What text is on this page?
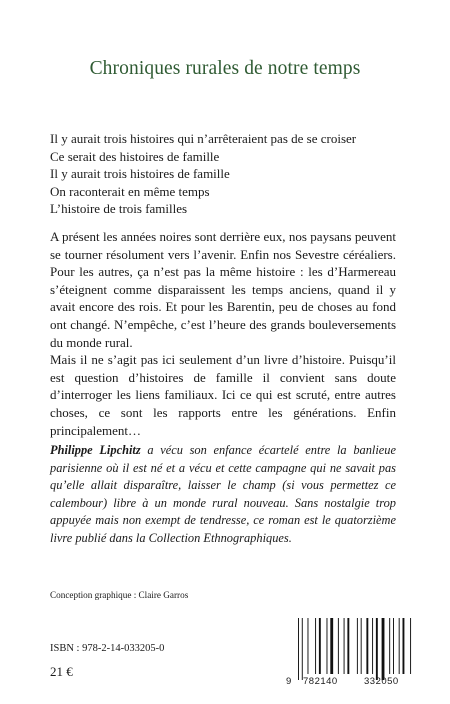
Chroniques rurales de notre temps
Il y aurait trois histoires qui n’arrêteraient pas de se croiser
Ce serait des histoires de famille
Il y aurait trois histoires de famille
On raconterait en même temps
L’histoire de trois familles

A présent les années noires sont derrière eux, nos paysans peuvent se tourner résolument vers l’avenir. Enfin nos Sevestre céréaliers. Pour les autres, ça n’est pas la même histoire : les d’Harmereau s’éteignent comme disparaissent les temps anciens, quand il y avait encore des rois. Et pour les Barentin, peu de choses au fond ont changé. N’empêche, c’est l’heure des grands bouleversements du monde rural.

Mais il ne s’agit pas ici seulement d’un livre d’histoire. Puisqu’il est question d’histoires de famille il convient sans doute d’interroger les liens familiaux. Ici ce qui est scruté, entre autres choses, ce sont les rapports entre les générations. Enfin principalement…

Philippe Lipchitz a vécu son enfance écartelé entre la banlieue parisienne où il est né et a vécu et cette campagne qui ne savait pas qu’elle allait disparaître, laisser le champ (si vous permettez ce calembour) libre à un monde rural nouveau. Sans nostalgie trop appuyée mais non exempt de tendresse, ce roman est le quatorzième livre publié dans la Collection Ethnographiques.

Conception graphique : Claire Garros
ISBN : 978-2-14-033205-0
21 €
9 782140	332050
